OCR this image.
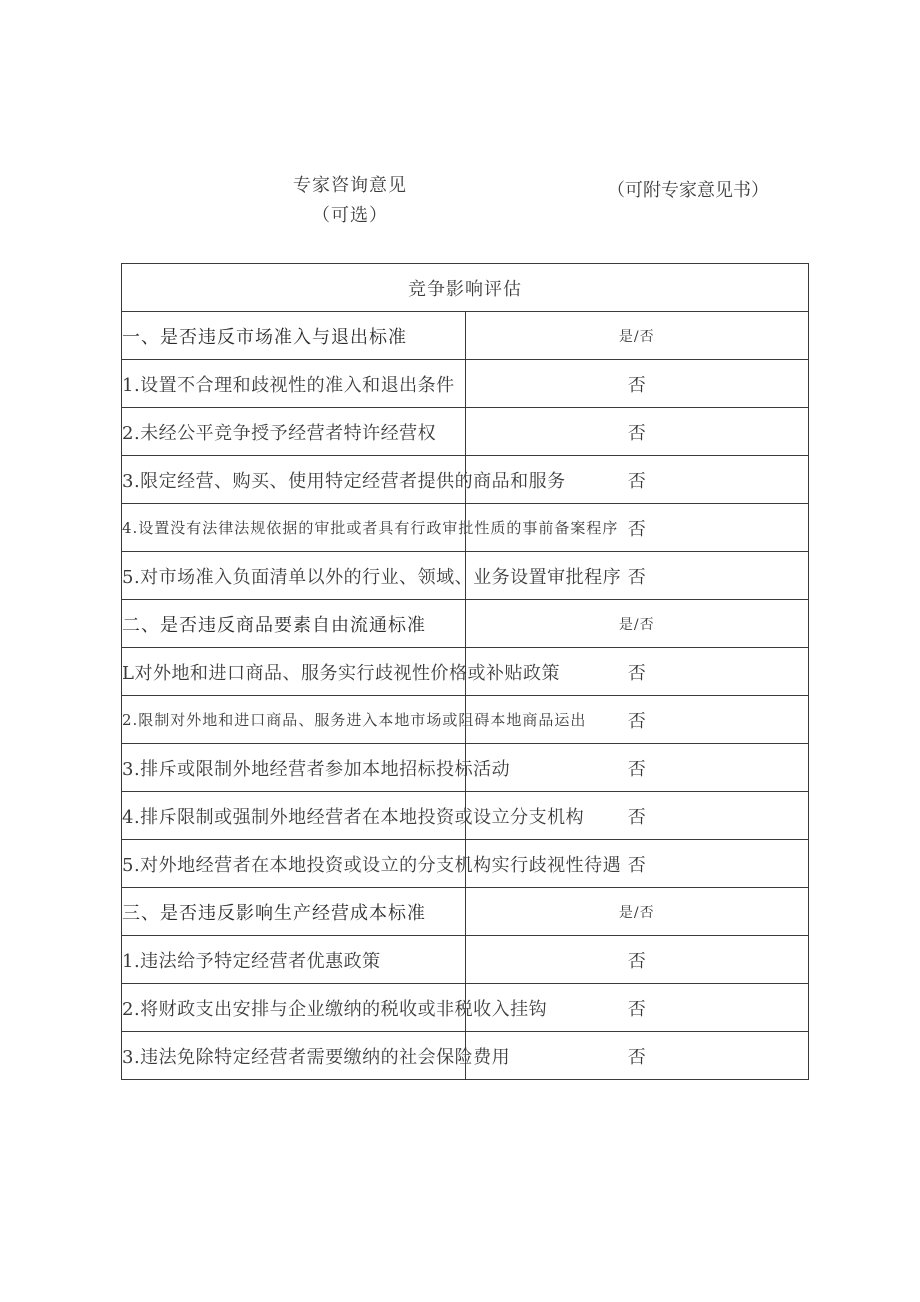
专家咨询意见
（可选）
（可附专家意见书）
竞争影响评估	
一、是否违反市场准入与退出标准	是/否
1.设置不合理和歧视性的准入和退出条件	否
2.未经公平竞争授予经营者特许经营权	否
3.限定经营、购买、使用特定经营者提供的商品和服务	否
4.设置没有法律法规依据的审批或者具有行政审批性质的事前备案程序	否
5.对市场准入负面清单以外的行业、领域、业务设置审批程序	否
二、是否违反商品要素自由流通标准	是/否
L对外地和进口商品、服务实行歧视性价格或补贴政策	否
2.限制对外地和进口商品、服务进入本地市场或阻碍本地商品运出	否
3.排斥或限制外地经营者参加本地招标投标活动	否
4.排斥限制或强制外地经营者在本地投资或设立分支机构	否
5.对外地经营者在本地投资或设立的分支机构实行歧视性待遇	否
三、是否违反影响生产经营成本标准	是/否
1.违法给予特定经营者优惠政策	否
2.将财政支出安排与企业缴纳的税收或非税收入挂钩	否
3.违法免除特定经营者需要缴纳的社会保险费用	否
